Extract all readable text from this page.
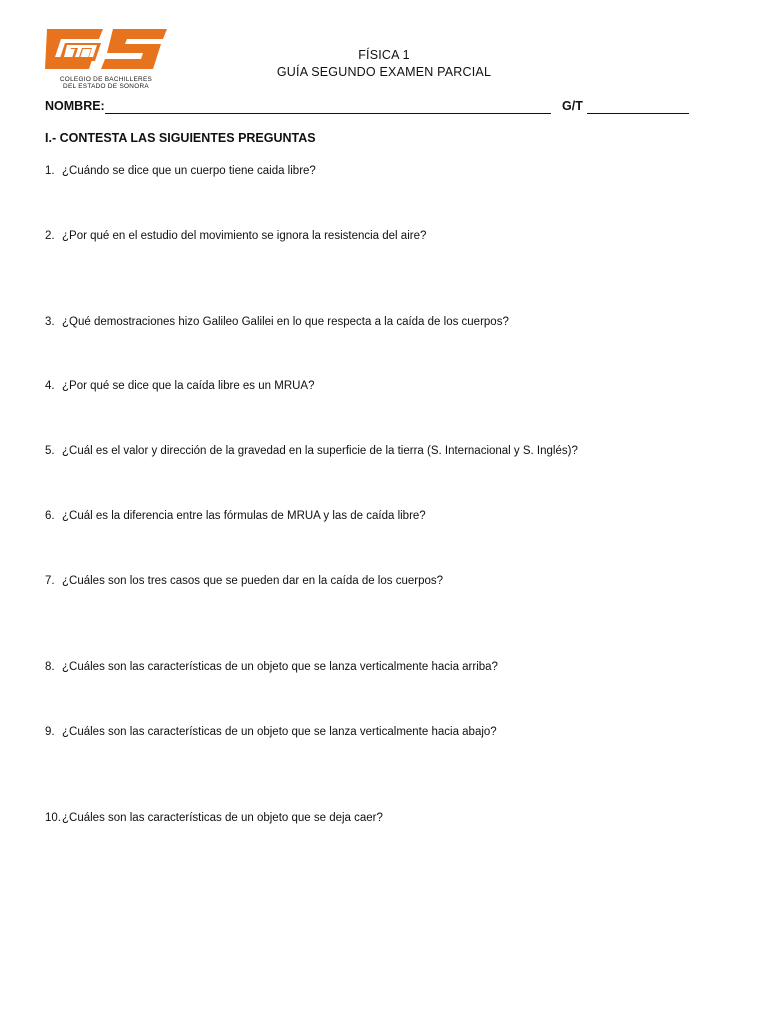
COLEGIO DE BACHILLERES
DEL ESTADO DE SONORA
FÍSICA 1
GUÍA SEGUNDO EXAMEN PARCIAL
NOMBRE:	G/T
I.- CONTESTA LAS SIGUIENTES PREGUNTAS
1. ¿Cuándo se dice que un cuerpo tiene caida libre?
2. ¿Por qué en el estudio del movimiento se ignora la resistencia del aire?
3. ¿Qué demostraciones hizo Galileo Galilei en lo que respecta a la caída de los cuerpos?
4. ¿Por qué se dice que la caída libre es un MRUA?
5. ¿Cuál es el valor y dirección de la gravedad en la superficie de la tierra (S. Internacional y S. Inglés)?
6. ¿Cuál es la diferencia entre las fórmulas de MRUA y las de caída libre?
7. ¿Cuáles son los tres casos que se pueden dar en la caída de los cuerpos?
8. ¿Cuáles son las características de un objeto que se lanza verticalmente hacia arriba?
9. ¿Cuáles son las características de un objeto que se lanza verticalmente hacia abajo?
10.¿Cuáles son las características de un objeto que se deja caer?
